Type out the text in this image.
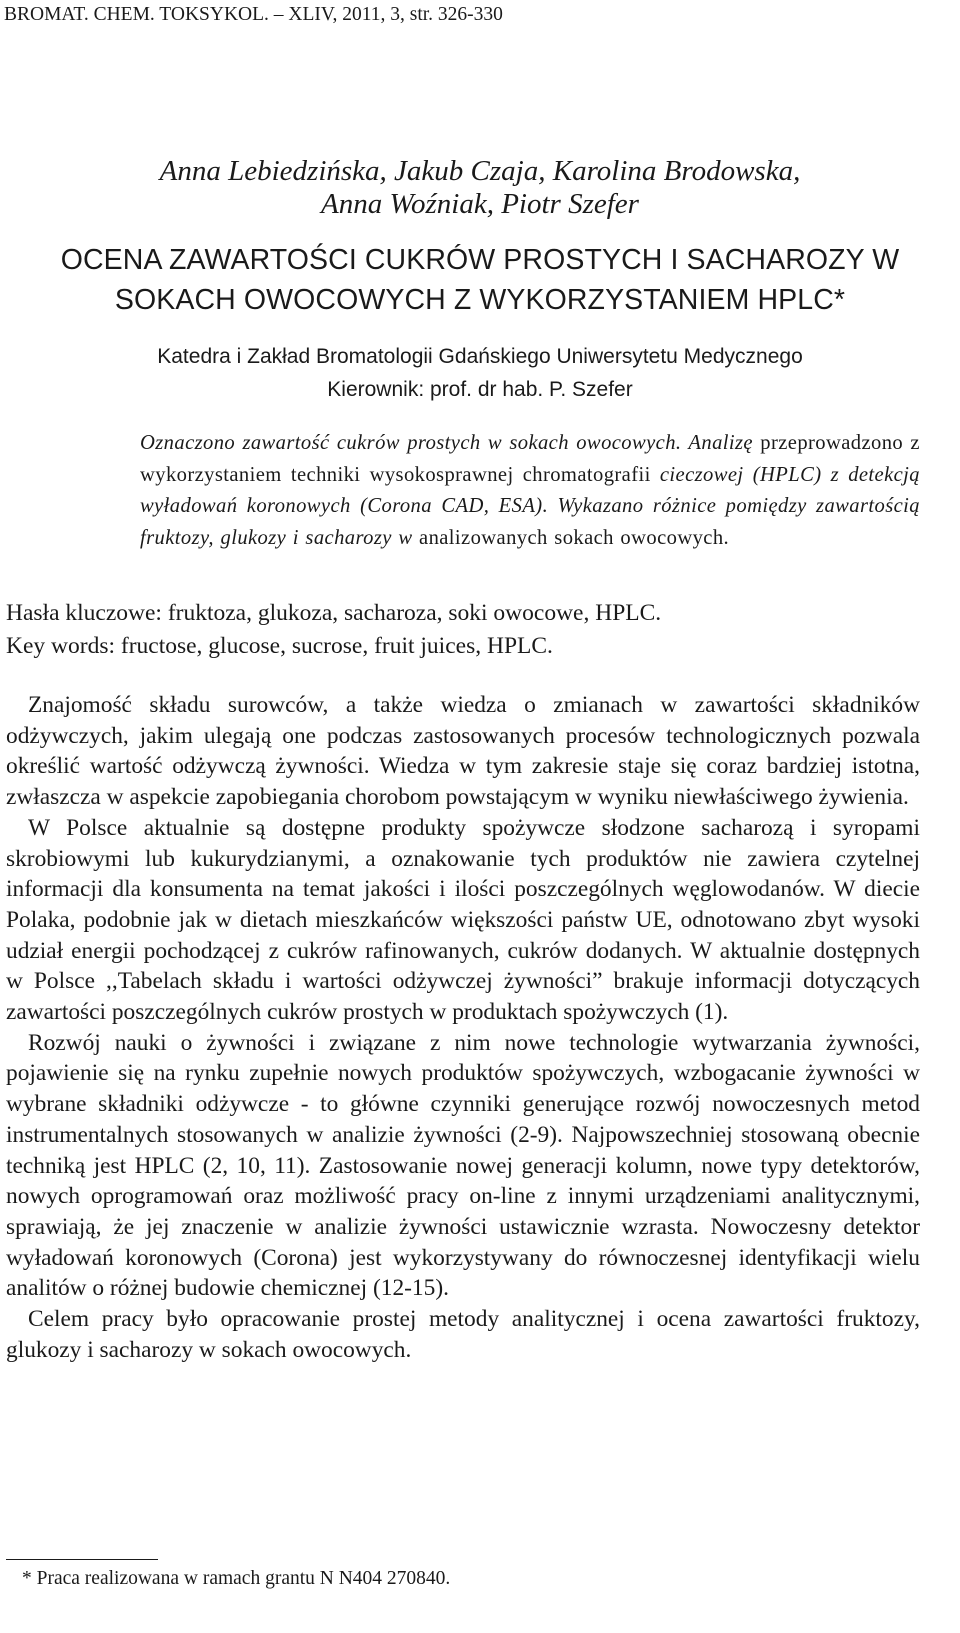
BROMAT. CHEM. TOKSYKOL. – XLIV, 2011, 3, str. 326-330
Anna Lebiedzińska, Jakub Czaja, Karolina Brodowska,
Anna Woźniak, Piotr Szefer
OCENA ZAWARTOŚCI CUKRÓW PROSTYCH I SACHAROZY W
SOKACH OWOCOWYCH Z WYKORZYSTANIEM HPLC*
Katedra i Zakład Bromatologii Gdańskiego Uniwersytetu Medycznego
Kierownik: prof. dr hab. P. Szefer
Oznaczono zawartość cukrów prostych w sokach owocowych. Analizę przeprowadzono z wykorzystaniem techniki wysokosprawnej chromatografii cieczowej (HPLC) z detekcją wyładowań koronowych (Corona CAD, ESA). Wykazano różnice pomiędzy zawartością fruktozy, glukozy i sacharozy w analizowanych sokach owocowych.
Hasła kluczowe: fruktoza, glukoza, sacharoza, soki owocowe, HPLC.
Key words: fructose, glucose, sucrose, fruit juices, HPLC.

Znajomość składu surowców, a także wiedza o zmianach w zawartości składników odżywczych, jakim ulegają one podczas zastosowanych procesów technologicznych pozwala określić wartość odżywczą żywności. Wiedza w tym zakresie staje się coraz bardziej istotna, zwłaszcza w aspekcie zapobiegania chorobom powstającym w wyniku niewłaściwego żywienia.

W Polsce aktualnie są dostępne produkty spożywcze słodzone sacharozą i syropami skrobiowymi lub kukurydzianymi, a oznakowanie tych produktów nie zawiera czytelnej informacji dla konsumenta na temat jakości i ilości poszczególnych węglowodanów. W diecie Polaka, podobnie jak w dietach mieszkańców większości państw UE, odnotowano zbyt wysoki udział energii pochodzącej z cukrów rafinowanych, cukrów dodanych. W aktualnie dostępnych w Polsce ,,Tabelach składu i wartości odżywczej żywności” brakuje informacji dotyczących zawartości poszczególnych cukrów prostych w produktach spożywczych (1).

Rozwój nauki o żywności i związane z nim nowe technologie wytwarzania żywności, pojawienie się na rynku zupełnie nowych produktów spożywczych, wzbogacanie żywności w wybrane składniki odżywcze - to główne czynniki generujące rozwój nowoczesnych metod instrumentalnych stosowanych w analizie żywności (2-9). Najpowszechniej stosowaną obecnie techniką jest HPLC (2, 10, 11). Zastosowanie nowej generacji kolumn, nowe typy detektorów, nowych oprogramowań oraz możliwość pracy on-line z innymi urządzeniami analitycznymi, sprawiają, że jej znaczenie w analizie żywności ustawicznie wzrasta. Nowoczesny detektor wyładowań koronowych (Corona) jest wykorzystywany do równoczesnej identyfikacji wielu analitów o różnej budowie chemicznej (12-15).

Celem pracy było opracowanie prostej metody analitycznej i ocena zawartości fruktozy, glukozy i sacharozy w sokach owocowych.

* Praca realizowana w ramach grantu N N404 270840.
